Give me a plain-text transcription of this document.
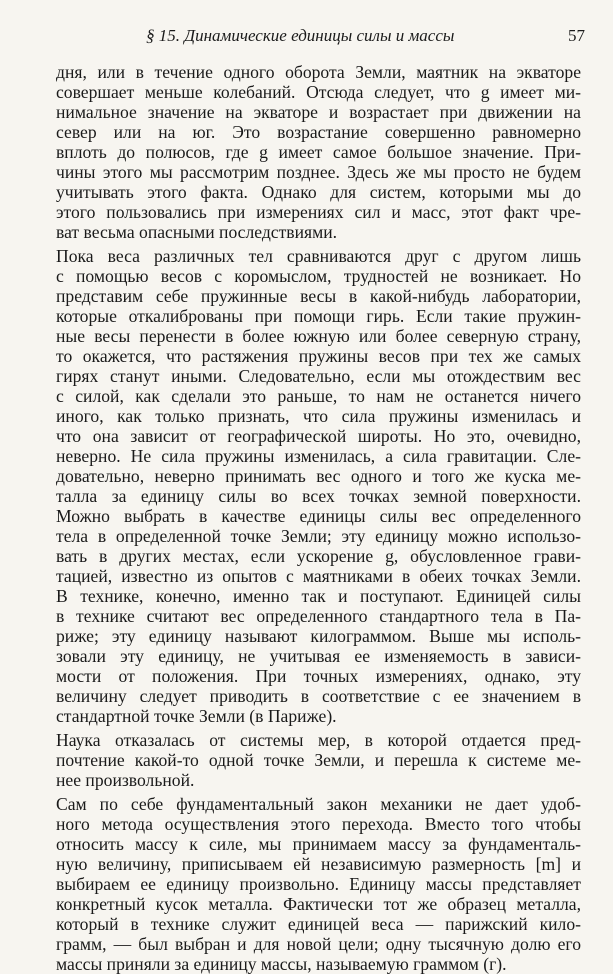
§ 15. Динамические единицы силы и массы	57
дня, или в течение одного оборота Земли, маятник на экваторе
совершает меньше колебаний. Отсюда следует, что g имеет ми-
нимальное значение на экваторе и возрастает при движении на
север или на юг. Это возрастание совершенно равномерно
вплоть до полюсов, где g имеет самое большое значение. При-
чины этого мы рассмотрим позднее. Здесь же мы просто не будем
учитывать этого факта. Однако для систем, которыми мы до
этого пользовались при измерениях сил и масс, этот факт чре-
ват весьма опасными последствиями.
Пока веса различных тел сравниваются друг с другом лишь
с помощью весов с коромыслом, трудностей не возникает. Но
представим себе пружинные весы в какой-нибудь лаборатории,
которые откалиброваны при помощи гирь. Если такие пружин-
ные весы перенести в более южную или более северную страну,
то окажется, что растяжения пружины весов при тех же самых
гирях станут иными. Следовательно, если мы отождествим вес
с силой, как сделали это раньше, то нам не останется ничего
иного, как только признать, что сила пружины изменилась и
что она зависит от географической широты. Но это, очевидно,
неверно. Не сила пружины изменилась, а сила гравитации. Сле-
довательно, неверно принимать вес одного и того же куска ме-
талла за единицу силы во всех точках земной поверхности.
Можно выбрать в качестве единицы силы вес определенного
тела в определенной точке Земли; эту единицу можно использо-
вать в других местах, если ускорение g, обусловленное грави-
тацией, известно из опытов с маятниками в обеих точках Земли.
В технике, конечно, именно так и поступают. Единицей силы
в технике считают вес определенного стандартного тела в Па-
риже; эту единицу называют килограммом. Выше мы исполь-
зовали эту единицу, не учитывая ее изменяемость в зависи-
мости от положения. При точных измерениях, однако, эту
величину следует приводить в соответствие с ее значением в
стандартной точке Земли (в Париже).
Наука отказалась от системы мер, в которой отдается пред-
почтение какой-то одной точке Земли, и перешла к системе ме-
нее произвольной.
Сам по себе фундаментальный закон механики не дает удоб-
ного метода осуществления этого перехода. Вместо того чтобы
относить массу к силе, мы принимаем массу за фундаменталь-
ную величину, приписываем ей независимую размерность [m] и
выбираем ее единицу произвольно. Единицу массы представляет
конкретный кусок металла. Фактически тот же образец металла,
который в технике служит единицей веса — парижский кило-
грамм, — был выбран и для новой цели; одну тысячную долю его
массы приняли за единицу массы, называемую граммом (г).
